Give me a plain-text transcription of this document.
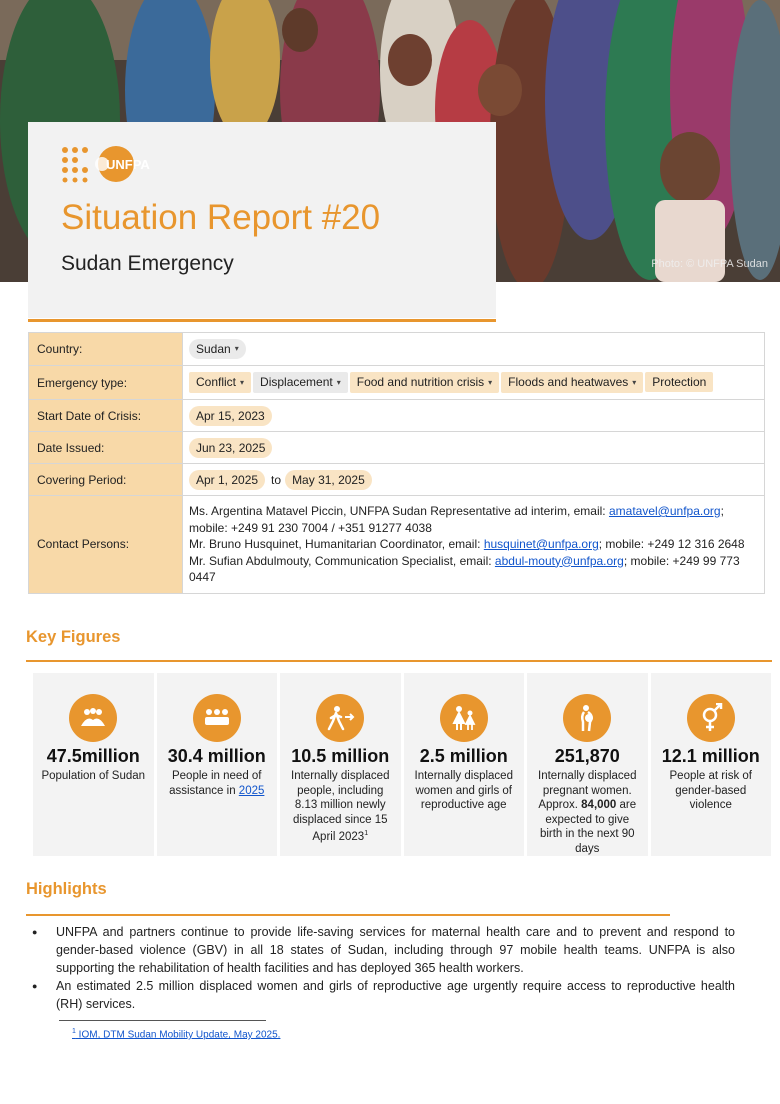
Photo: © UNFPA Sudan
UNFPA
Situation Report #20
Sudan Emergency
Country:	Sudan ▾
Emergency type:	Conflict ▾ Displacement ▾ Food and nutrition crisis ▾ Floods and heatwaves ▾ Protection
Start Date of Crisis:	Apr 15, 2023
Date Issued:	Jun 23, 2025
Covering Period:	Apr 1, 2025 to May 31, 2025
Contact Persons:	Ms. Argentina Matavel Piccin, UNFPA Sudan Representative ad interim, email: amatavel@unfpa.org; mobile: +249 91 230 7004 / +351 91277 4038
Mr. Bruno Husquinet, Humanitarian Coordinator, email: husquinet@unfpa.org; mobile: +249 12 316 2648
Mr. Sufian Abdulmouty, Communication Specialist, email: abdul-mouty@unfpa.org; mobile: +249 99 773 0447
Key Figures
47.5million
Population of Sudan
30.4 million
People in need of assistance in 2025
10.5 million
Internally displaced people, including 8.13 million newly displaced since 15 April 2023$^1$
2.5 million
Internally displaced women and girls of reproductive age
251,870
Internally displaced pregnant women. Approx. 84,000 are expected to give birth in the next 90 days
12.1 million
People at risk of gender-based violence
Highlights
● UNFPA and partners continue to provide life-saving services for maternal health care and to prevent and respond to gender-based violence (GBV) in all 18 states of Sudan, including through 97 mobile health teams. UNFPA is also supporting the rehabilitation of health facilities and has deployed 365 health workers.
● An estimated 2.5 million displaced women and girls of reproductive age urgently require access to reproductive health (RH) services.
$^1$ IOM, DTM Sudan Mobility Update, May 2025.
